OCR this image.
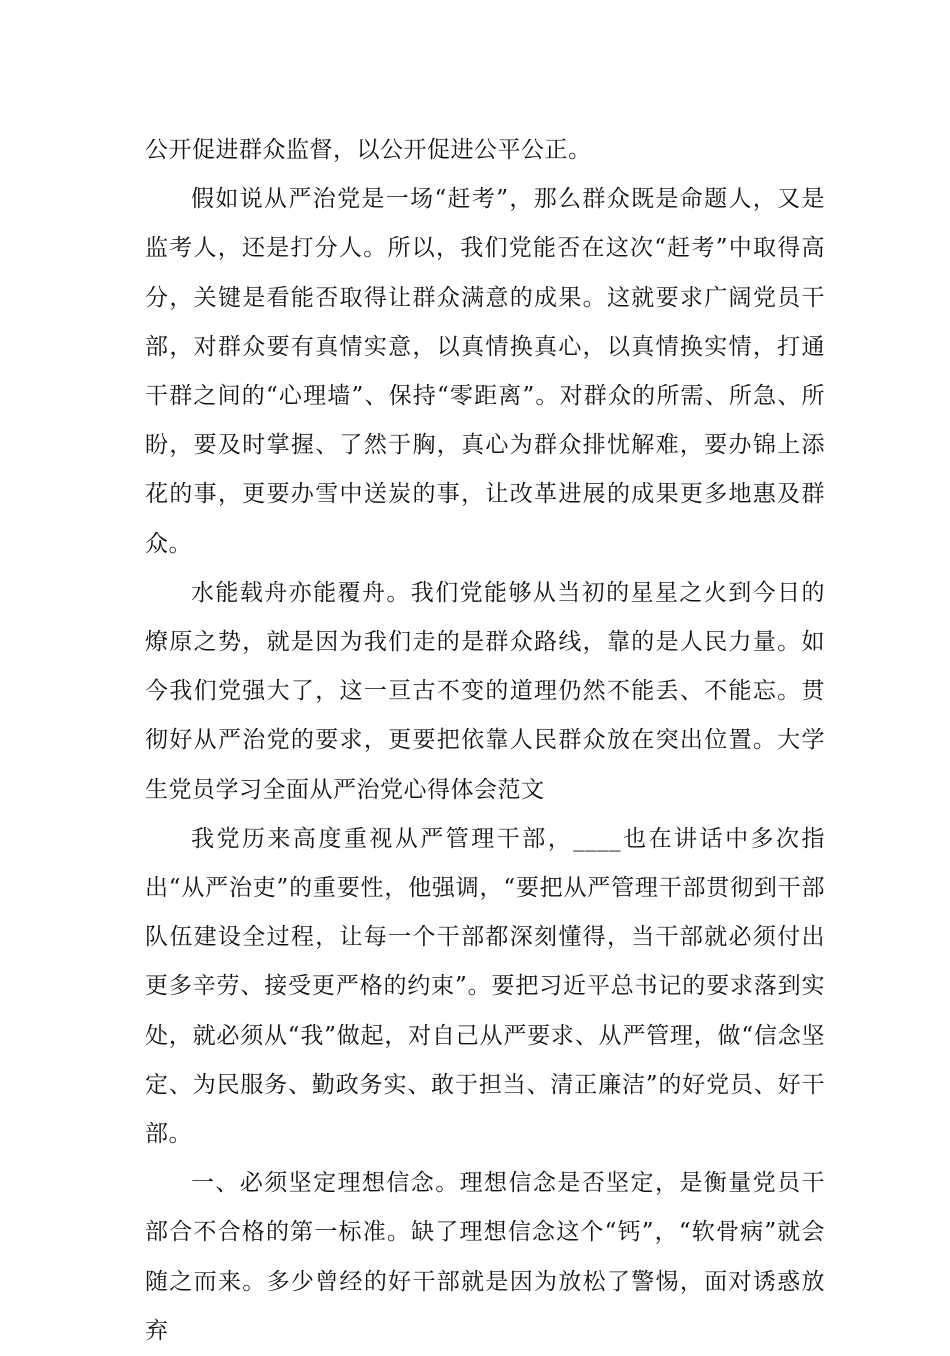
公开促进群众监督，以公开促进公平公正。

假如说从严治党是一场“赶考”，那么群众既是命题人，又是监考人，还是打分人。所以，我们党能否在这次“赶考”中取得高分，关键是看能否取得让群众满意的成果。这就要求广阔党员干部，对群众要有真情实意，以真情换真心，以真情换实情，打通干群之间的“心理墙”、保持“零距离”。对群众的所需、所急、所盼，要及时掌握、了然于胸，真心为群众排忧解难，要办锦上添花的事，更要办雪中送炭的事，让改革进展的成果更多地惠及群众。

水能载舟亦能覆舟。我们党能够从当初的星星之火到今日的燎原之势，就是因为我们走的是群众路线，靠的是人民力量。如今我们党强大了，这一亘古不变的道理仍然不能丢、不能忘。贯彻好从严治党的要求，更要把依靠人民群众放在突出位置。大学生党员学习全面从严治党心得体会范文

我党历来高度重视从严管理干部，____也在讲话中多次指出“从严治吏”的重要性，他强调，“要把从严管理干部贯彻到干部队伍建设全过程，让每一个干部都深刻懂得，当干部就必须付出更多辛劳、接受更严格的约束”。要把习近平总书记的要求落到实处，就必须从“我”做起，对自己从严要求、从严管理，做“信念坚定、为民服务、勤政务实、敢于担当、清正廉洁”的好党员、好干部。

一、必须坚定理想信念。理想信念是否坚定，是衡量党员干部合不合格的第一标准。缺了理想信念这个“钙”，“软骨病”就会随之而来。多少曾经的好干部就是因为放松了警惕，面对诱惑放弃
